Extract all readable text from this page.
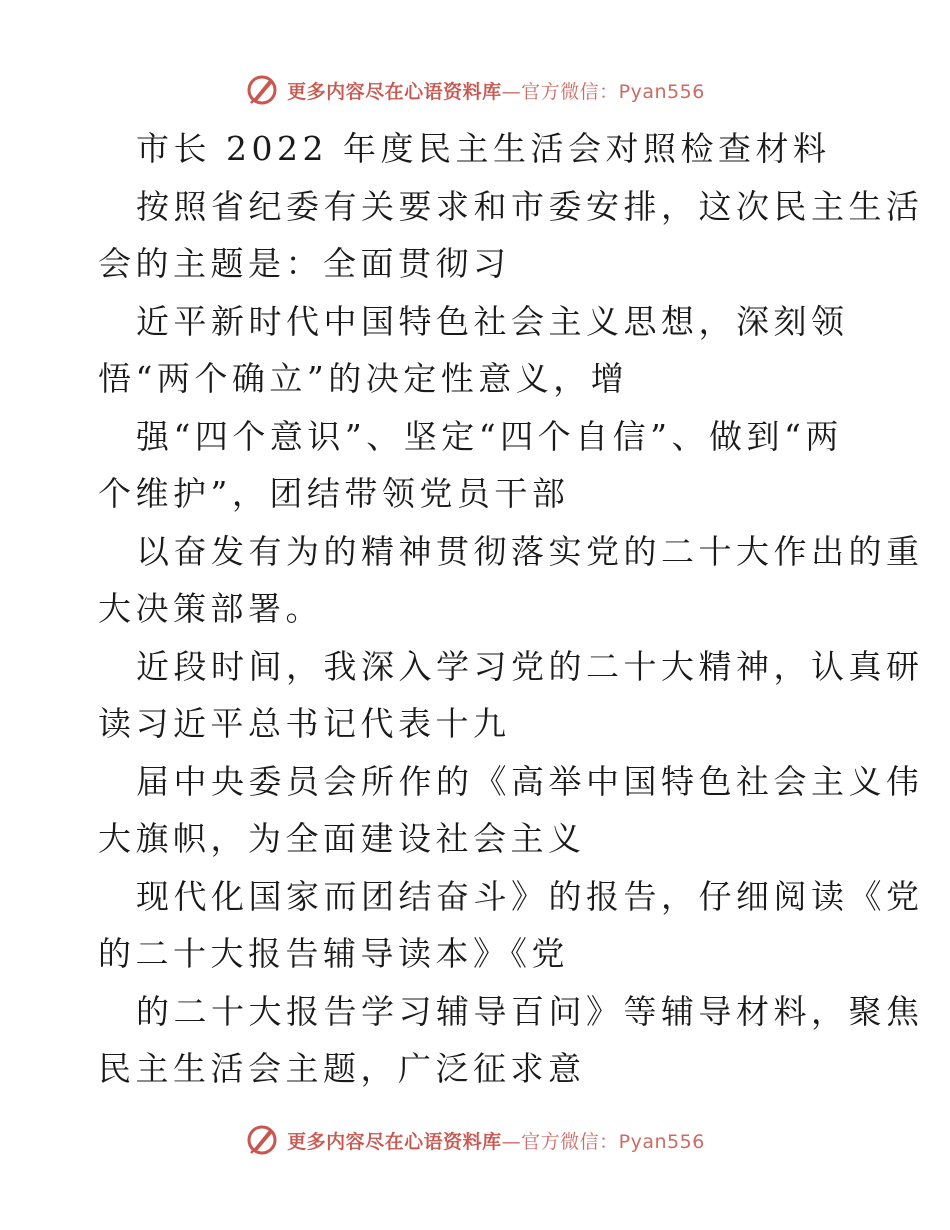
更多内容尽在心语资料库—官方微信：Pyan556
市长 2022 年度民主生活会对照检查材料
按照省纪委有关要求和市委安排，这次民主生活
会的主题是：全面贯彻习
近平新时代中国特色社会主义思想，深刻领
悟“两个确立”的决定性意义，增
强“四个意识”、坚定“四个自信”、做到“两
个维护”，团结带领党员干部
以奋发有为的精神贯彻落实党的二十大作出的重
大决策部署。
近段时间，我深入学习党的二十大精神，认真研
读习近平总书记代表十九
届中央委员会所作的《高举中国特色社会主义伟
大旗帜，为全面建设社会主义
现代化国家而团结奋斗》的报告，仔细阅读《党
的二十大报告辅导读本》《党
的二十大报告学习辅导百问》等辅导材料，聚焦
民主生活会主题，广泛征求意
更多内容尽在心语资料库—官方微信：Pyan556
